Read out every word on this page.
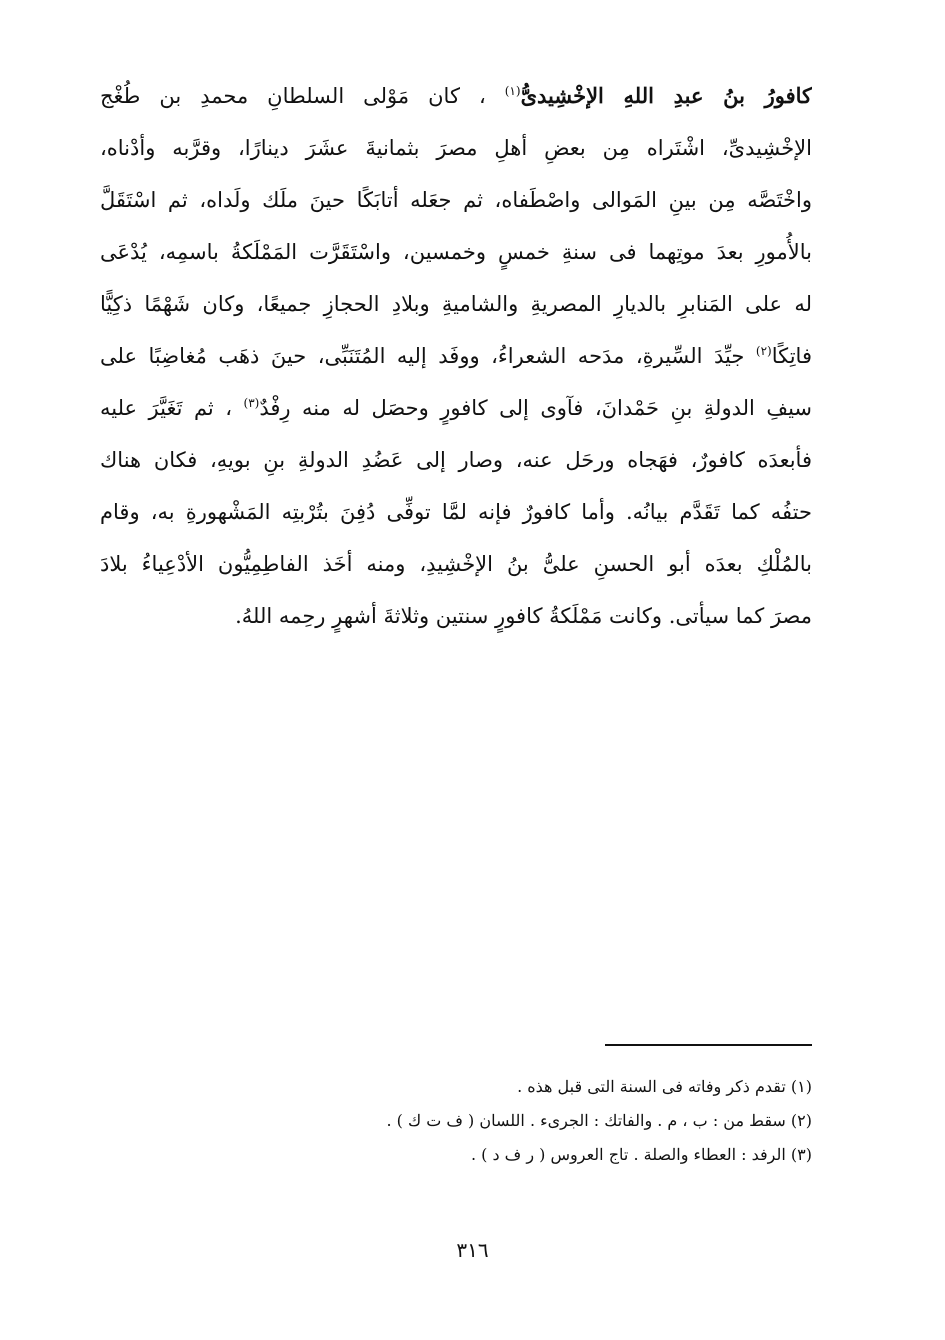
كافورُ بنُ عبدِ اللهِ الإخْشِيدىُّ$^{(١)}$ ، كان مَوْلى السلطانِ محمدِ بن طُغْج
الإخْشِيدىِّ، اشْتَراه مِن بعضِ أهلِ مصرَ بثمانيةَ عشَرَ دينارًا، وقرَّبه وأدْناه،
واخْتَصَّه مِن بينِ المَوالى واصْطَفاه، ثم جعَله أتابَكًا حينَ ملَك ولَداه، ثم اسْتَقَلَّ
بالأُمورِ بعدَ موتِهما فى سنةِ خمسٍ وخمسين، واسْتَقَرَّت المَمْلَكةُ باسمِه، يُدْعَى
له على المَنابرِ بالديارِ المصريةِ والشاميةِ وبلادِ الحجازِ جميعًا، وكان شَهْمًا ذكِيًّا
فاتِكًا$^{(٢)}$ جيِّدَ السِّيرةِ، مدَحه الشعراءُ، ووفَد إليه المُتَنَبِّى، حينَ ذهَب مُغاضِبًا على
سيفِ الدولةِ بنِ حَمْدانَ، فآوى إلى كافورٍ وحصَل له منه رِفْدٌ$^{(٣)}$ ، ثم تَغَيَّرَ عليه
فأبعدَه كافورٌ، فهَجاه ورحَل عنه، وصار إلى عَضُدِ الدولةِ بنِ بويهِ، فكان هناك
حتفُه كما تَقَدَّم بيانُه. وأما كافورٌ فإنه لمَّا توفِّى دُفِنَ بتُرْبتِه المَشْهورةِ به، وقام
بالمُلْكِ بعدَه أبو الحسنِ علىُّ بنُ الإخْشِيدِ، ومنه أخَذ الفاطِمِيُّون الأدْعِياءُ بلادَ
مصرَ كما سيأتى. وكانت مَمْلَكةُ كافورٍ سنتين وثلاثةَ أشهرٍ رحِمه اللهُ.
(١) تقدم ذكر وفاته فى السنة التى قبل هذه .
(٢) سقط من : ب ، م . والفاتك : الجرىء . اللسان ( ف ت ك ) .
(٣) الرفد : العطاء والصلة . تاج العروس ( ر ف د ) .
٣١٦
